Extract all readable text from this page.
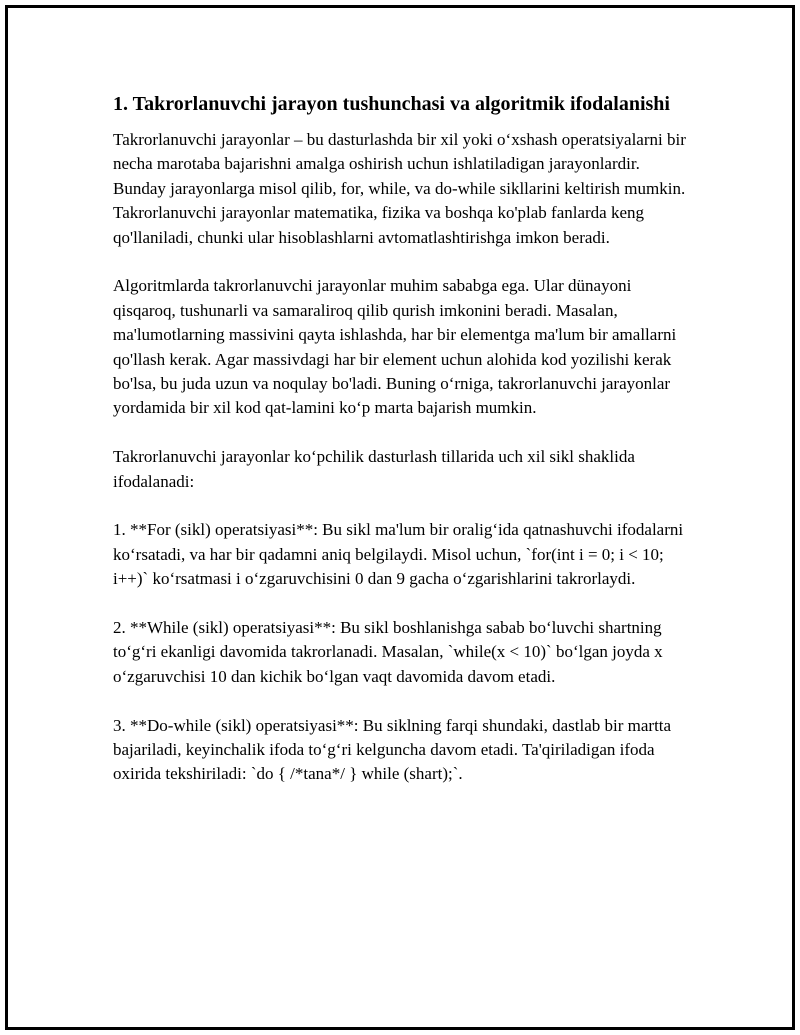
1. Takrorlanuvchi jarayon tushunchasi va algoritmik ifodalanishi

Takrorlanuvchi jarayonlar – bu dasturlashda bir xil yoki o‘xshash operatsiyalarni bir necha marotaba bajarishni amalga oshirish uchun ishlatiladigan jarayonlardir. Bunday jarayonlarga misol qilib, for, while, va do-while sikllarini keltirish mumkin. Takrorlanuvchi jarayonlar matematika, fizika va boshqa ko'plab fanlarda keng qo'llaniladi, chunki ular hisoblashlarni avtomatlashtirishga imkon beradi.

Algoritmlarda takrorlanuvchi jarayonlar muhim sababga ega. Ular dünayoni qisqaroq, tushunarli va samaraliroq qilib qurish imkonini beradi. Masalan, ma'lumotlarning massivini qayta ishlashda, har bir elementga ma'lum bir amallarni qo'llash kerak. Agar massivdagi har bir element uchun alohida kod yozilishi kerak bo'lsa, bu juda uzun va noqulay bo'ladi. Buning o‘rniga, takrorlanuvchi jarayonlar yordamida bir xil kod qat-lamini ko‘p marta bajarish mumkin.

Takrorlanuvchi jarayonlar ko‘pchilik dasturlash tillarida uch xil sikl shaklida ifodalanadi:

1. **For (sikl) operatsiyasi**: Bu sikl ma'lum bir oralig‘ida qatnashuvchi ifodalarni ko‘rsatadi, va har bir qadamni aniq belgilaydi. Misol uchun, `for(int i = 0; i < 10; i++)` ko‘rsatmasi i o‘zgaruvchisini 0 dan 9 gacha o‘zgarishlarini takrorlaydi.

2. **While (sikl) operatsiyasi**: Bu sikl boshlanishga sabab bo‘luvchi shartning to‘g‘ri ekanligi davomida takrorlanadi. Masalan, `while(x < 10)` bo‘lgan joyda x o‘zgaruvchisi 10 dan kichik bo‘lgan vaqt davomida davom etadi.

3. **Do-while (sikl) operatsiyasi**: Bu siklning farqi shundaki, dastlab bir martta bajariladi, keyinchalik ifoda to‘g‘ri kelguncha davom etadi. Ta'qiriladigan ifoda oxirida tekshiriladi: `do { /*tana*/ } while (shart);`.
